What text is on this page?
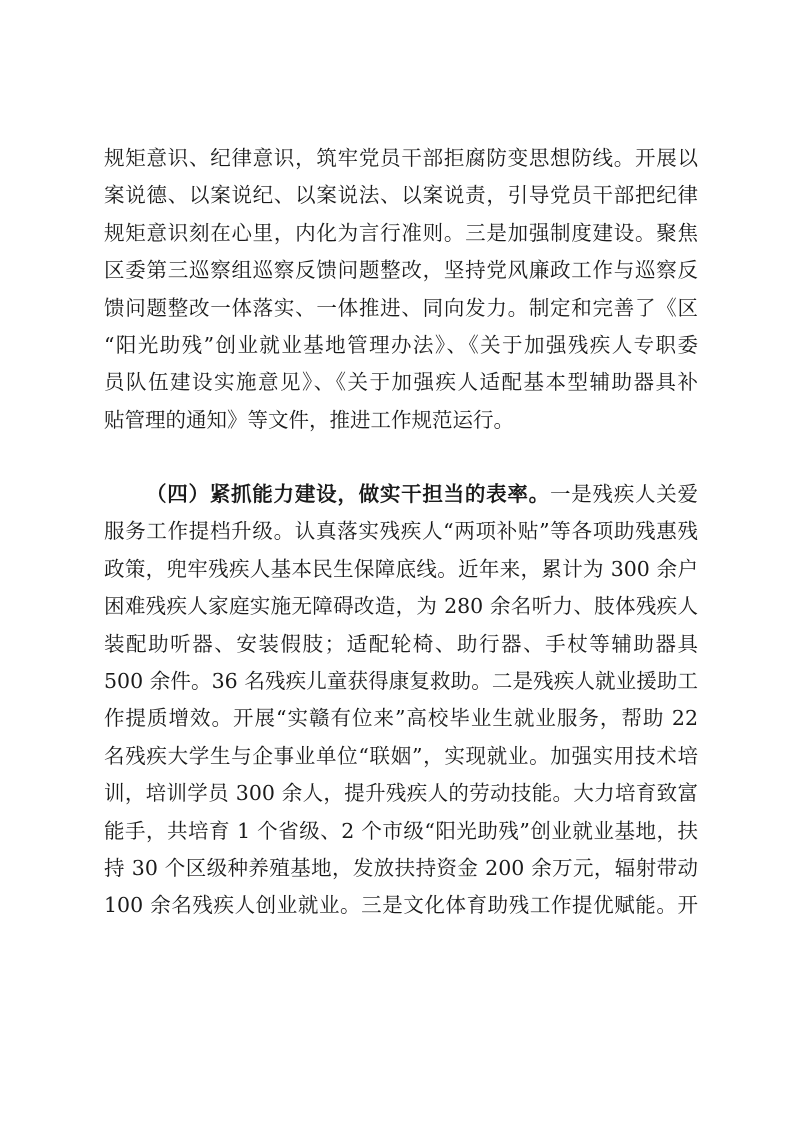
规矩意识、纪律意识，筑牢党员干部拒腐防变思想防线。开展以
案说德、以案说纪、以案说法、以案说责，引导党员干部把纪律
规矩意识刻在心里，内化为言行准则。三是加强制度建设。聚焦
区委第三巡察组巡察反馈问题整改，坚持党风廉政工作与巡察反
馈问题整改一体落实、一体推进、同向发力。制定和完善了《区
“阳光助残”创业就业基地管理办法》、《关于加强残疾人专职委
员队伍建设实施意见》、《关于加强疾人适配基本型辅助器具补
贴管理的通知》等文件，推进工作规范运行。
（四）紧抓能力建设，做实干担当的表率。一是残疾人关爱
服务工作提档升级。认真落实残疾人“两项补贴”等各项助残惠残
政策，兜牢残疾人基本民生保障底线。近年来，累计为 300 余户
困难残疾人家庭实施无障碍改造，为 280 余名听力、肢体残疾人
装配助听器、安装假肢；适配轮椅、助行器、手杖等辅助器具
500 余件。36 名残疾儿童获得康复救助。二是残疾人就业援助工
作提质增效。开展“实赣有位来”高校毕业生就业服务，帮助 22
名残疾大学生与企事业单位“联姻”，实现就业。加强实用技术培
训，培训学员 300 余人，提升残疾人的劳动技能。大力培育致富
能手，共培育 1 个省级、2 个市级“阳光助残”创业就业基地，扶
持 30 个区级种养殖基地，发放扶持资金 200 余万元，辐射带动
100 余名残疾人创业就业。三是文化体育助残工作提优赋能。开
